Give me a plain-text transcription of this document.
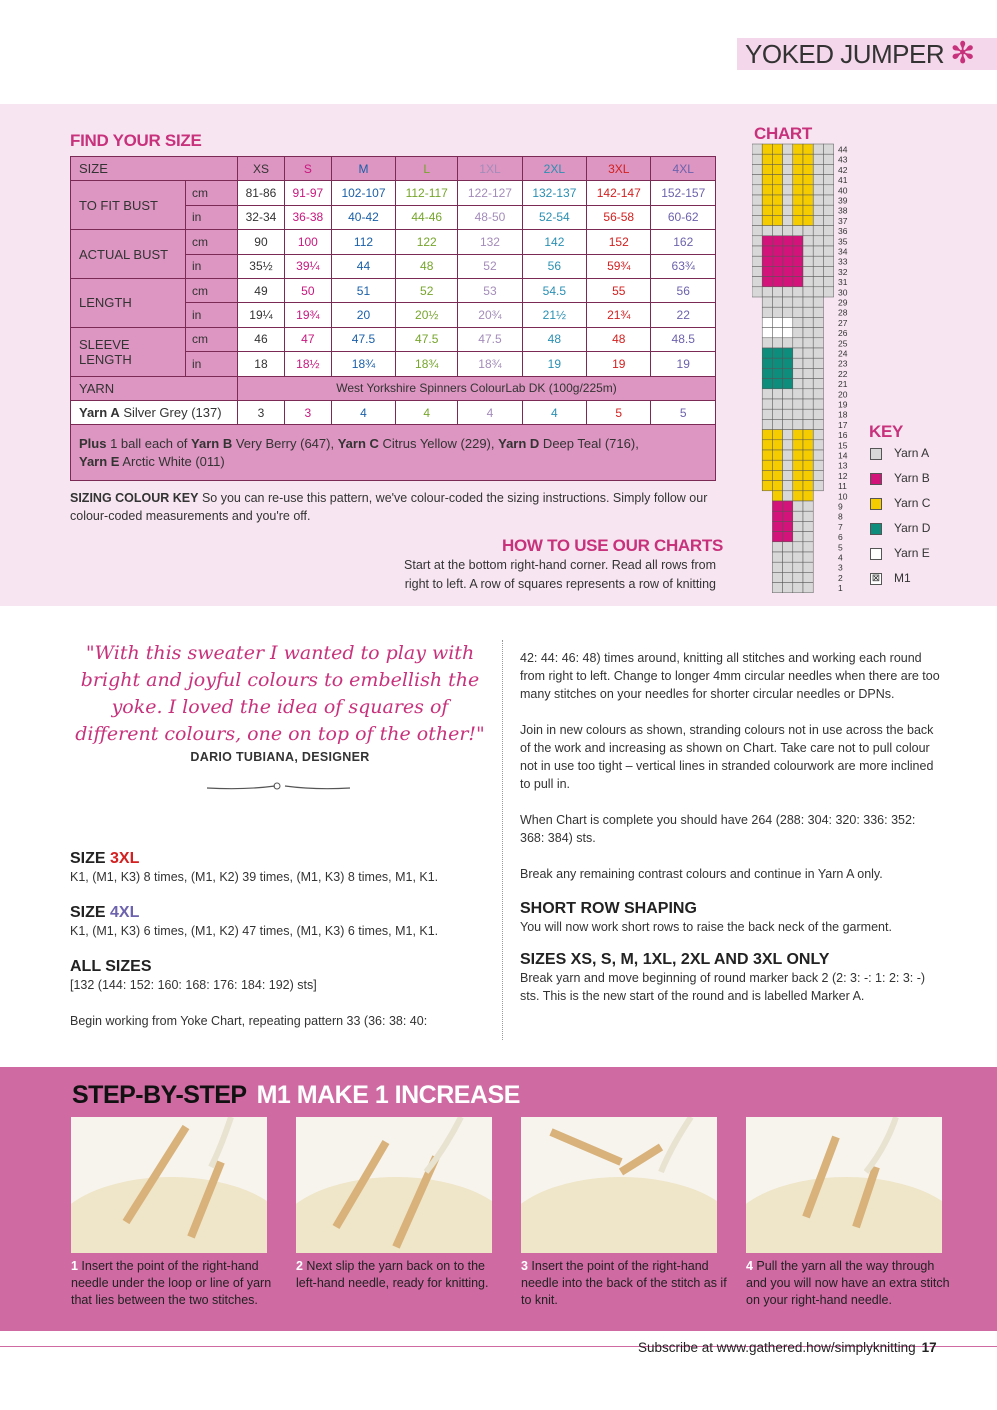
YOKED JUMPER ✻
FIND YOUR SIZE
SIZE		XS	S	M	L	1XL	2XL	3XL	4XL
TO FIT BUST	cm	81-86	91-97	102-107	112-117	122-127	132-137	142-147	152-157
	in	32-34	36-38	40-42	44-46	48-50	52-54	56-58	60-62
ACTUAL BUST	cm	90	100	112	122	132	142	152	162
	in	35½	39¼	44	48	52	56	59¾	63¾
LENGTH	cm	49	50	51	52	53	54.5	55	56
	in	19¼	19¾	20	20½	20¾	21½	21¾	22
SLEEVE LENGTH	cm	46	47	47.5	47.5	47.5	48	48	48.5
	in	18	18½	18¾	18¾	18¾	19	19	19
YARN		West Yorkshire Spinners ColourLab DK (100g/225m)							
Yarn A Silver Grey (137)		3	3	4	4	4	4	5	5
Plus 1 ball each of Yarn B Very Berry (647), Yarn C Citrus Yellow (229), Yarn D Deep Teal (716),
Yarn E Arctic White (011)									
SIZING COLOUR KEY So you can re-use this pattern, we've colour-coded the sizing instructions. Simply follow our colour-coded measurements and you're off.
HOW TO USE OUR CHARTS
Start at the bottom right-hand corner. Read all rows from
right to left. A row of squares represents a row of knitting
CHART
44
43
42
41
40
39
38
37
36
35
34
33
32
31
30
29
28
27
26
25
24
23
22
21
20
19
18
17
16
15
14
13
12
11
10
9
8
7
6
5
4
3
2
1
KEY
Yarn A
Yarn B
Yarn C
Yarn D
Yarn E
⊠ M1
"With this sweater I wanted to play with bright and joyful colours to embellish the yoke. I loved the idea of squares of different colours, one on top of the other!"
DARIO TUBIANA, DESIGNER
SIZE 3XL
K1, (M1, K3) 8 times, (M1, K2) 39 times, (M1, K3) 8 times, M1, K1.
SIZE 4XL
K1, (M1, K3) 6 times, (M1, K2) 47 times, (M1, K3) 6 times, M1, K1.
ALL SIZES
[132 (144: 152: 160: 168: 176: 184: 192) sts]
Begin working from Yoke Chart, repeating pattern 33 (36: 38: 40:
42: 44: 46: 48) times around, knitting all stitches and working each round from right to left. Change to longer 4mm circular needles when there are too many stitches on your needles for shorter circular needles or DPNs.
Join in new colours as shown, stranding colours not in use across the back of the work and increasing as shown on Chart. Take care not to pull colour not in use too tight – vertical lines in stranded colourwork are more inclined to pull in.
When Chart is complete you should have 264 (288: 304: 320: 336: 352: 368: 384) sts.
Break any remaining contrast colours and continue in Yarn A only.
SHORT ROW SHAPING
You will now work short rows to raise the back neck of the garment.
SIZES XS, S, M, 1XL, 2XL AND 3XL ONLY
Break yarn and move beginning of round marker back 2 (2: 3: -: 1: 2: 3: -) sts. This is the new start of the round and is labelled Marker A.
STEP-BY-STEP M1 MAKE 1 INCREASE
1 Insert the point of the right-hand needle under the loop or line of yarn that lies between the two stitches.
2 Next slip the yarn back on to the left-hand needle, ready for knitting.
3 Insert the point of the right-hand needle into the back of the stitch as if to knit.
4 Pull the yarn all the way through and you will now have an extra stitch on your right-hand needle.
Subscribe at www.gathered.how/simplyknitting 17
